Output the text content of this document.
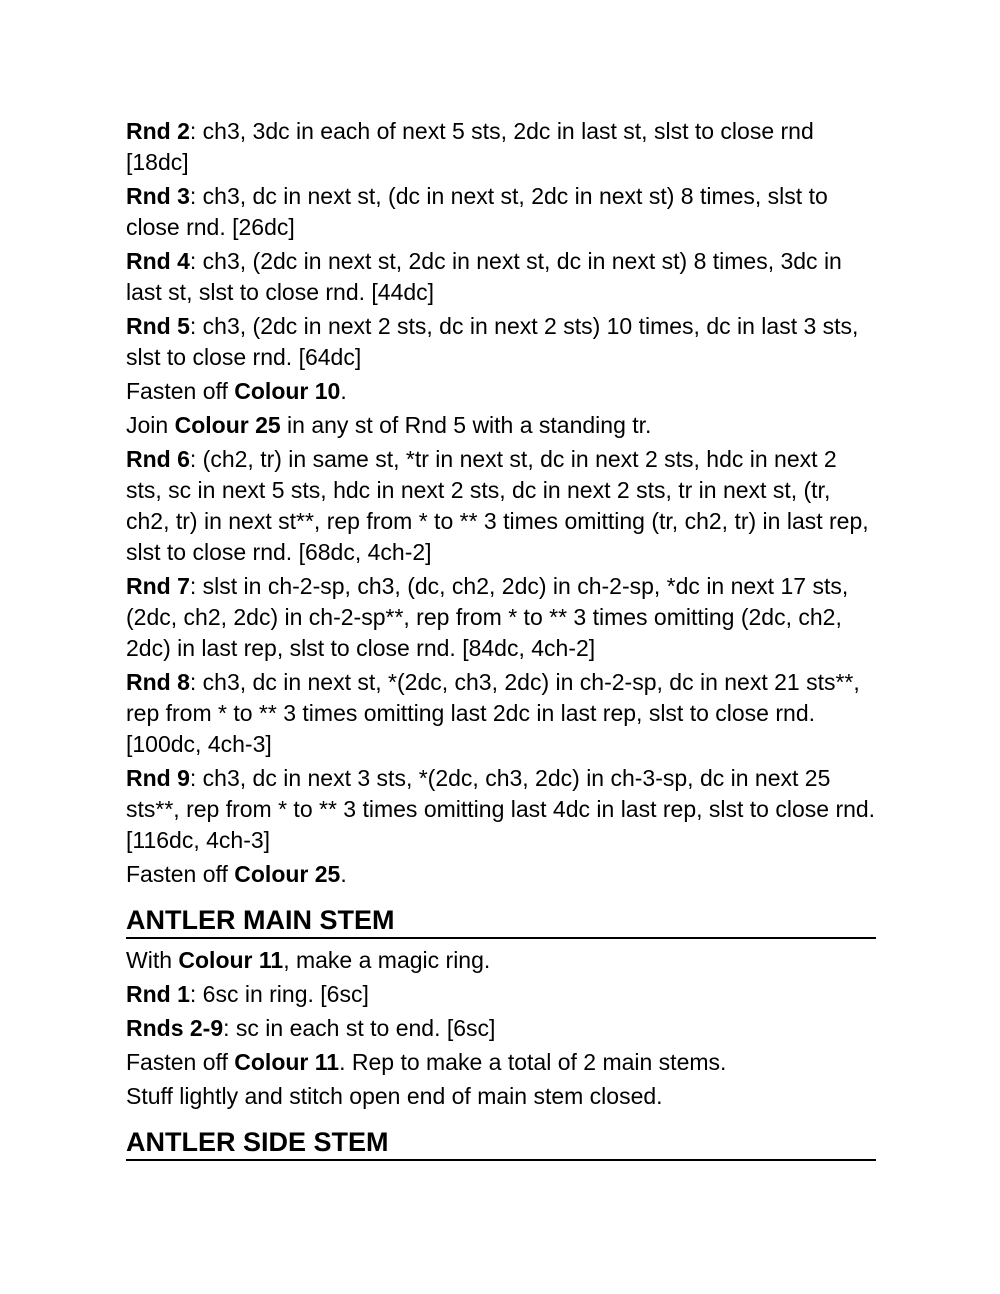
Rnd 2: ch3, 3dc in each of next 5 sts, 2dc in last st, slst to close rnd [18dc]

Rnd 3: ch3, dc in next st, (dc in next st, 2dc in next st) 8 times, slst to close rnd. [26dc]

Rnd 4: ch3, (2dc in next st, 2dc in next st, dc in next st) 8 times, 3dc in last st, slst to close rnd. [44dc]

Rnd 5: ch3, (2dc in next 2 sts, dc in next 2 sts) 10 times, dc in last 3 sts, slst to close rnd. [64dc]

Fasten off Colour 10.

Join Colour 25 in any st of Rnd 5 with a standing tr.

Rnd 6: (ch2, tr) in same st, *tr in next st, dc in next 2 sts, hdc in next 2 sts, sc in next 5 sts, hdc in next 2 sts, dc in next 2 sts, tr in next st, (tr, ch2, tr) in next st**, rep from * to ** 3 times omitting (tr, ch2, tr) in last rep, slst to close rnd. [68dc, 4ch-2]

Rnd 7: slst in ch-2-sp, ch3, (dc, ch2, 2dc) in ch-2-sp, *dc in next 17 sts, (2dc, ch2, 2dc) in ch-2-sp**, rep from * to ** 3 times omitting (2dc, ch2, 2dc) in last rep, slst to close rnd. [84dc, 4ch-2]

Rnd 8: ch3, dc in next st, *(2dc, ch3, 2dc) in ch-2-sp, dc in next 21 sts**, rep from * to ** 3 times omitting last 2dc in last rep, slst to close rnd. [100dc, 4ch-3]

Rnd 9: ch3, dc in next 3 sts, *(2dc, ch3, 2dc) in ch-3-sp, dc in next 25 sts**, rep from * to ** 3 times omitting last 4dc in last rep, slst to close rnd. [116dc, 4ch-3]

Fasten off Colour 25.

ANTLER MAIN STEM

With Colour 11, make a magic ring.

Rnd 1: 6sc in ring. [6sc]

Rnds 2-9: sc in each st to end. [6sc]

Fasten off Colour 11. Rep to make a total of 2 main stems.

Stuff lightly and stitch open end of main stem closed.

ANTLER SIDE STEM
